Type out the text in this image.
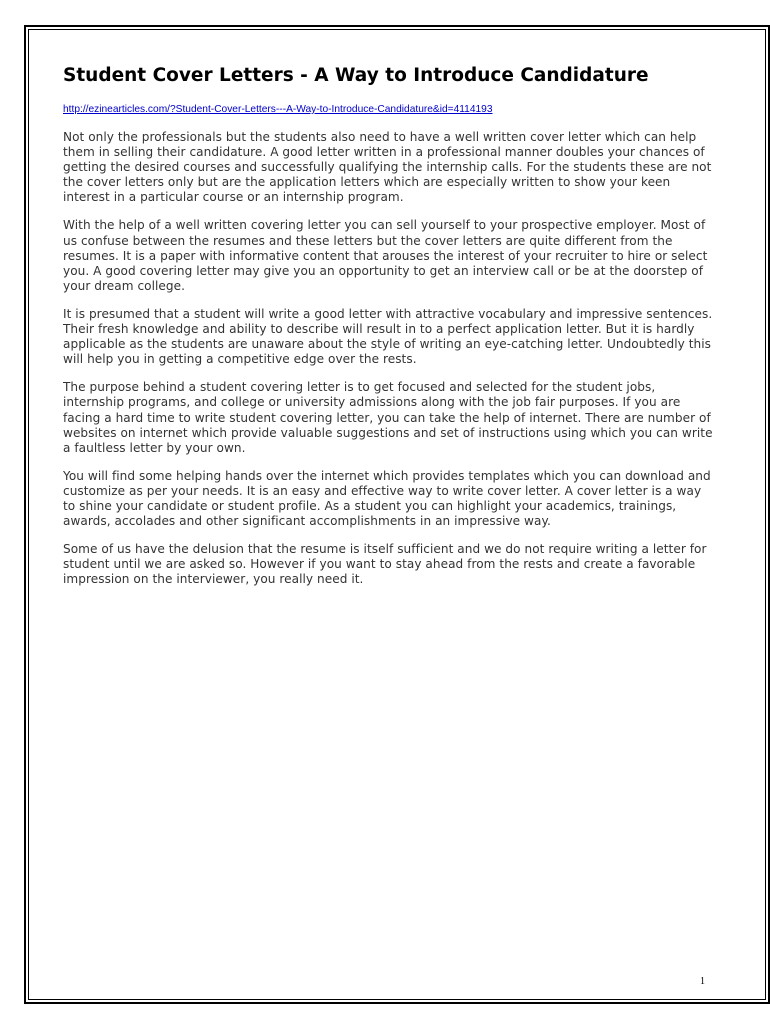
Student Cover Letters - A Way to Introduce Candidature
http://ezinearticles.com/?Student-Cover-Letters---A-Way-to-Introduce-Candidature&id=4114193

Not only the professionals but the students also need to have a well written cover letter which can help them in selling their candidature. A good letter written in a professional manner doubles your chances of getting the desired courses and successfully qualifying the internship calls. For the students these are not the cover letters only but are the application letters which are especially written to show your keen interest in a particular course or an internship program.

With the help of a well written covering letter you can sell yourself to your prospective employer. Most of us confuse between the resumes and these letters but the cover letters are quite different from the resumes. It is a paper with informative content that arouses the interest of your recruiter to hire or select you. A good covering letter may give you an opportunity to get an interview call or be at the doorstep of your dream college.

It is presumed that a student will write a good letter with attractive vocabulary and impressive sentences. Their fresh knowledge and ability to describe will result in to a perfect application letter. But it is hardly applicable as the students are unaware about the style of writing an eye-catching letter. Undoubtedly this will help you in getting a competitive edge over the rests.

The purpose behind a student covering letter is to get focused and selected for the student jobs, internship programs, and college or university admissions along with the job fair purposes. If you are facing a hard time to write student covering letter, you can take the help of internet. There are number of websites on internet which provide valuable suggestions and set of instructions using which you can write a faultless letter by your own.

You will find some helping hands over the internet which provides templates which you can download and customize as per your needs. It is an easy and effective way to write cover letter. A cover letter is a way to shine your candidate or student profile. As a student you can highlight your academics, trainings, awards, accolades and other significant accomplishments in an impressive way.

Some of us have the delusion that the resume is itself sufficient and we do not require writing a letter for student until we are asked so. However if you want to stay ahead from the rests and create a favorable impression on the interviewer, you really need it.

1
